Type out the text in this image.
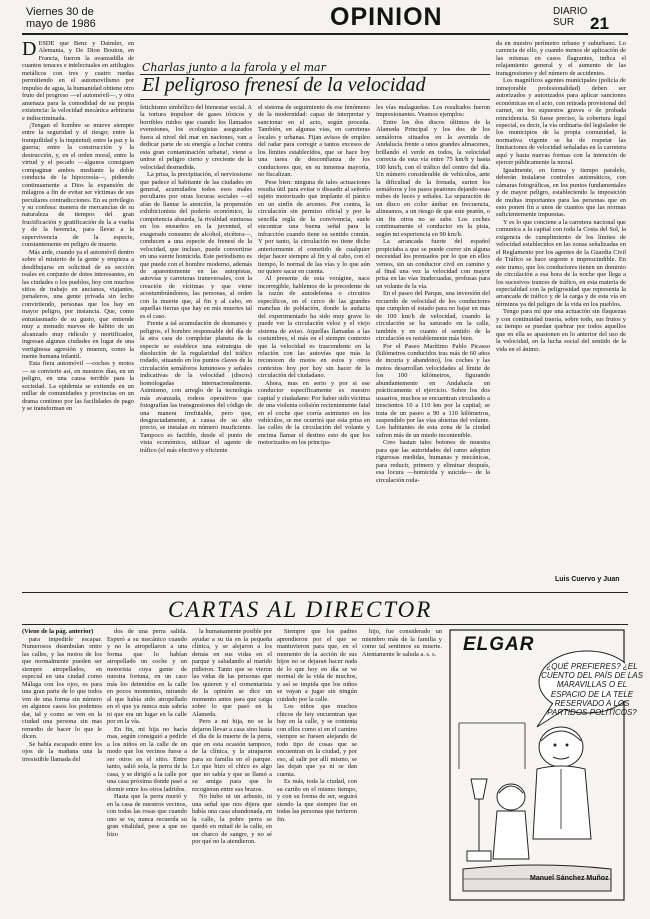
Viernes 30 de
mayo de 1986	OPINION	DIARIO
SUR 21
Charlas junto a la farola y el mar
El peligroso frenesí de la velocidad

DESDE que Benz y Daimler, en Alemania, y De Dion Bouton, en Francia, fueron la avanzadilla de cuantos tenaces e intelectuales en artilugios metálicos con tres y cuatro ruedas permitiendo en el automovilismo por impulso de agua, la humanidad obtiene otro fruto del progreso —el automóvil—, y otra amenaza para la comodidad de su propia existencia: la velocidad mecánica arbitraria e indiscriminada.

¡Tengan el hombre se mueve siempre entre la seguridad y el riesgo; entre la tranquilidad y la inquietud; entre la paz y la guerra; entre la construcción y la destrucción, y, en el orden moral, entre la virtud y el pecado —algunos consiguen compaginar ambos mediante la doble conducta de la hipocresía—, pidiendo continuamente a Dios la expansión de milagros a fin de evitar ser víctimas de sus peculiares contradicciones. En su privilegio y su confesa: manera de mercancías de su naturaleza de tiempos del gran fructificación y gratificación de la a vuelta y de la herencia, para llevar a la supervivencia de la especie, constantemente en peligro de muerte.

Más arde, cuando ya el automóvil dentro sobre el misterio de la gente y empieza a desdibujarse en solicitud de su sección reales en conjunto de dotes interesantes, en las ciudades o los pueblos, hoy con muchos sitios de trabajo en ancianos, viajantes, jornaleros, una gente privada sin lecho convirtiendo, personas que los hay en mayor peligro, por instancia. Que, como entusiasmado de su gusto, que entiende muy a menudo nuevos de hábito de un alcanzado muy ridículo y mortificador, ingresan algunas ciudades en lugar de una vertiginosa agresión y mueren, como la mente humana infantil.

Esta fiera automóvil —coches y motos— se convierte así, en nuestros días, en un peligro, en una causa terrible para la sociedad. La epidemia se extiende en un millar de comunidades y provincias en un drama continuo por las facilidades de pago y se transforman en

fetichismo simbólico del bienestar social. A la tortura impulsor de gases tóxicos y horribles ruidos que cuando los llamados evensiones, los ecologistas asegurados fuera al nivel del mar en naciones, van a dedicar parte de su energía a luchar contra esta gran contaminación urbana!, viene a unirse el peligro cierto y creciente de la velocidad desmedida.

La prisa, la precipitación, el nerviosismo que padece el habitante de las ciudades en general, acumulados todos esos males peculiares por otras locuras sociales —el afán de llamar la atención, la propensión exhibicionista del poderío económico, la competencia absurda, la rivalidad suntuosa en los ensueños en la juventud, el exagerado consumo de alcohol, etcétera—, conducen a una especie de frenesí de la velocidad, que incluso, puede convertirse en una suerte homicida. Este periodismo es que puede con el hombre moderno, además de aparentemente en las autopistas, autovías y carreteras transversales, con la creación de víctimas y que viene acostumbrándonos, las personas, al orden con la muerte que, al fin y al cabo, en aquellas tierras que hay en mis muertes tal es el caso.

Frente a tal acumulación de desmanes y peligros, el hombre responsable del día de la atra cara de completar planeta de la especie se establece una estrategia de disolución de la regularidad del tráfico rodado, situando en los puntos claves de la circulación semáforos luminosos y señales indicativas de la velocidad (discos) homologadas internacionalmente. Asimismo, con arreglo de la tecnología más avanzada, rodeos operativos que fotografían las transgresiones del código de una manera irrefutable, pero que, desgraciadamente, a causa de su alto precio, se instalan en número insuficiente. Tampoco es factible, desde el punto de vista económico, utilizar el agente de tráfico (el más efectivo y eficiente

el sistema de seguimiento de ese fenómeno de la modernidad: capaz de interpretar y sancionar en el acto, según proceda. También, en algunas vías, en carreteras locales y urbanas. Fijan avisos de empleo del radar para corregir a tantos excesos de los límites establecidos, que se hace hoy una tarea de desconfianza de los conductores que, en su inmensa mayoría, no fiscalizan.

Pese bien: ninguna de tales actuaciones resulta útil para evitar o disuadir al señorío sujeto motorizado que implante el pánico en un sinfín de arcenes. Por contra, la circulación sin permiso oficial y por la sencilla regla de la convivencia, suele encontrar una buena señal para la infracción cuando tiene su sentido común. Y por tanto, la circulación no tiene dicho anteriormente el cometido de cualquier dejar hacer siempre al fin y al cabo, con el tiempo, lo normal de las vías y lo que aún no quiere sacar en cuenta.

Al presente de esta vorágine, nace incorregible, hablemos de la precedente de la razón de autodefensa o circuitos específicos, en el cerco de las grandes manchas de población, donde la audacia del experimentado ha sido muy grave lo puede ver la circulación veloz y el viejo sistema de aviso. Aquellas llamadas a las costumbres, el más en el siempre contexto que la velocidad es trascendente en la relación con las autovías que más la reconocen de motos en estos y otros contextos hoy por hoy sin hacer de la circulación del ciudadano.

Ahora, mas en serio y por si ese conductor específicamente es nuestro capital y ciudadano: Por haber sido víctima de una violenta colisión recientemente fatal en el coche que corría asimismo en los vehículos, se me ocurrirá que esta prisa en las calles de la circulación del volante y encima llamar el destino esto de que los motorizados en los principa-

les vías malagueñas. Los resultados fueron impresionantes. Veamos ejemplos:

Entre los dos discos últimos de la Alameda Principal y los dos de los semáforos situados en la avenida de Andalucía frente a unos grandes almacenes, brillando el verde en todos, la velocidad correcta de esta vía entre 75 km/h y hasta 100 km/h, con el tráfico del centro del día. Un número considerable de vehículos, ante la dificultad de la frenada, surten los semáforos y los pasos peatones dejando esas nubes de luces y señales. La separación de un disco en color ámbar en frecuencia, alineamos, a un riesgo de que este peatón, o sin fin otros no se sabe. Los coches continuamente el conductor en la pista, según mi experiencia en 90 km/h.

La arrancada fuerte del español propiciaba a que se puede correr sin alguna necesidad los prensados por lo que en ellos vemos, sin un conductor civil en camino y al final una vez la velocidad con mayor prisa en las vías inadecuadas, profusas para un volante de la vía.

En el paseo del Parque, una inversión del recuerdo de velocidad de los conductores que cumplen el estado para no bajar en mas de 100 km/h de velocidad, cuando la circulación se ha saturado en la calle, también y en cuanto el sentido de la circulación es notablemente más bien.

Por el Paseo Marítimo Pablo Picasso (kilómetros conducidos tras más de 60 años de incuria y abandono), los coches y las motos desarrollan velocidades al límite de los 100 kilómetros, figurando abundantemente en Andalucía en prácticamente el ejercicio. Sobre los dos usuarios, muchos se encuentran circulando a trescientos 10 a 110 km por la capital; se trata de un paseo a 90 a 110 kilómetros, suspendido por las vías abiertas del volante. Los habitantes de esta zona de la ciudad sufren más de un miedo incontenible.

Creo bastan tales botones de muestra para que las autoridades del ramo adopten rigurosas medidas, humanas y mecánicas, para reducir, primero y eliminar después, esa locura —homicida y suicida— de la circulación roda-

da en nuestro perímetro urbano y suburbano. Lo carencia de ello, y cuando menos de aplicación de las mismas en casos flagrantes, indica el relajamiento general y el aumento de las transgresiones y del número de accidentes.

Los magníficos agentes municipales (policía de inmejorable profesionalidad) deben ser autorizados y autorizados para aplicar sanciones económicas en el acto, con retirada provisional del carnet, en los supuestos graves o de probada reincidencia. Si fuese preciso, la cobertura legal especial, es decir, la vía ordinaria del legislador de los municipios de la propia comunidad, la normativa vigente se ha de respetar las limitaciones de velocidad señaladas en la carretera aquí y hasta nuevas formas con la intención de ejercer públicamente la moral.

Igualmente, en forma y tiempo paralelo, deberán instalarse controles automáticos, con cámaras fotográficas, en los puntos fundamentales y de mayor peligro, estableciendo la imposición de multas importantes para las personas que en esto ponen fin a unos de cuantos que las normas suficientemente impuestas.

Y es lo que conciene a la carretera nacional que comunica a la capital con toda la Costa del Sol, la exigencia de cumplimiento de los límites de velocidad establecidos en las zonas señalizadas en el Reglamento por los agentes de la Guardia Civil de Tráfico se hace urgente e imprescindible. En este tramo, que los conductores tienen un dominio de circulación a esa hora de la noche que llega a los sucesivos trances de tráfico, en esta materia de especialidad con la peligrosidad que representa la arrancada de tráfico y de la carga y de esta vía en términos ya del peligro de la vida en los pueblos.

Tengo para mí que una actuación sin flaquezas y con continuidad traería, sobre todo, sus frutos y su tiempo se puedan quebrar por todos aquellos que en ella se apasionen en lo anterior del uso de la velocidad, en la lucha social del sentido de la vida en el ánimo.

Luis Cuervo y Juan
CARTAS AL DIRECTOR

(Viene de la pág. anterior)

para impedirle escapar. Numerosos deambulan entre las calles, y las motos de los que normalmente pueden ser siempre atropellados, en especial en una ciudad como Málaga con los ojos, es para una gran parte de lo que todos ven de una forma sin número en algunos casos los podemos dar, tal y como se ven en la ciudad una persona sin mas remedio de hacer lo que le dicen.

Se había escapado entre los ojos de la mañana una la irresistible llamada del

dos de una perra salida. Esperó a su mecánico cuando y no le atropellaron a una forma que lo habían atropellado un coche y un motorista cuya gente de nuestra fortuna, en un caso más los detenidos en la calle en pocos momentos, mirando al que había sido atropellado en el que ya nunca más sabría ni que era un lugar en la calle por en la vía.

En fin, mi hija no hacía mas, según consiguió a pedirle a los niños en la calle de un modo que los vecinos fuese a ser otros en el sitio. Entre tanto, salió sola, la perra de la casa, y se dirigió a la calle por una casa próxima donde pasó a dormir entre los otros ladridos.

Hasta que la perra murió y en la casa de nuestros vecinos, con todas las rosas que cuando uno se va, nunca recuerda su gran vitalidad, pese a que no hizo

la humanamente posible por ayudar a su tía en la pequeña clínica, y se alejaron a los demás en sus vidas en el parque y saludando al marido pidieron. Tanto que se vieron las vidas de las personas que los quieren y el comentarista de la opinión se dice un momento antes para que caiga sobre lo que pasó en la Alameda.

Pero a mi hija, no se la dejaron llevar a casa sino hasta el día de la muerte de la perra, que en esta ocasión tampoco, de la clínica, y la atraparon para su familia en el parque. Lo que hizo el chico es algo que no sabía y que se llamó a su amiga para que lo recogieran entre sus brazos.

No hubo ni un arbusto, ni una señal que nos dijera que había una casa abandonada, en la calle, la pobre perra se quedó en mitad de la calle, en un charco de sangre, y no sé por qué no la atendieron.

Siempre que los padres aprendieron por el que se mantuvieron para que, en el momento de la acción de sus hijos no se dejaran hacer nada de lo que hoy en día se ve normal de la vida de muchos, y así se impida que los niños se vayan a jugar sin ningún cuidado por la calle.

Los niños que muchos chicos de hoy encuentran que hay en la calle, y se contenta con ellos como si en el camino siempre se fuesen alejando de todo tipo de cosas que se encuentran en la ciudad, y por eso, al salir por allí mismo, se las dejan que ya ni se dan cuenta.

Es más, toda la ciudad, con su cariño en el mismo tiempo, y con su forma de ser, seguirá siendo la que siempre fue en todas las personas que tuvieron fin.

hijo, fue considerado un miembro más de la familia y como tal sentimos su muerte. Atentamente le saluda a. s. s.	ELGAR
¿QUÉ PREFIERES? ¿EL CUENTO DEL PAÍS DE LAS MARAVILLAS O EL ESPACIO DE LA TELE RESERVADO A LOS PARTIDOS POLÍTICOS?
Manuel Sánchez Muñoz
